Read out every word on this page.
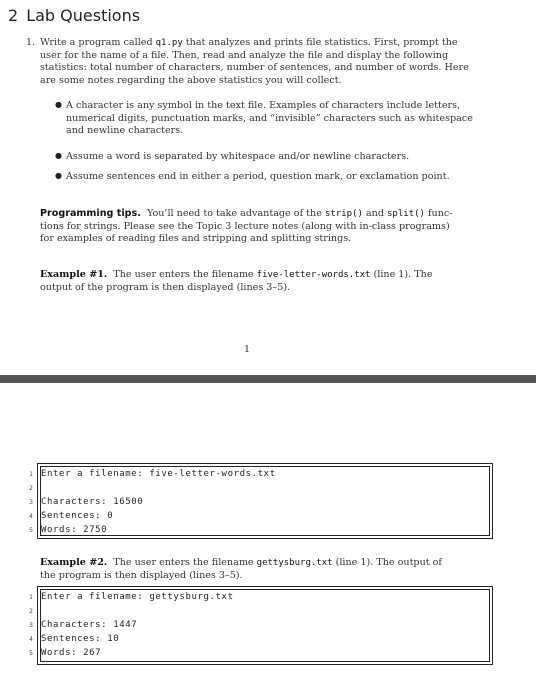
2 Lab Questions
1. Write a program called q1.py that analyzes and prints file statistics. First, prompt the
user for the name of a file. Then, read and analyze the file and display the following
statistics: total number of characters, number of sentences, and number of words. Here
are some notes regarding the above statistics you will collect.
● A character is any symbol in the text file. Examples of characters include letters,
numerical digits, punctuation marks, and “invisible” characters such as whitespace
and newline characters.
● Assume a word is separated by whitespace and/or newline characters.
● Assume sentences end in either a period, question mark, or exclamation point.
Programming tips. You’ll need to take advantage of the strip() and split() func-
tions for strings. Please see the Topic 3 lecture notes (along with in-class programs)
for examples of reading files and stripping and splitting strings.
Example #1. The user enters the filename five-letter-words.txt (line 1). The
output of the program is then displayed (lines 3–5).
1
1
2
3
4
5
Enter a filename: five-letter-words.txt
Characters: 16500
Sentences: 0
Words: 2750
Example #2. The user enters the filename gettysburg.txt (line 1). The output of
the program is then displayed (lines 3–5).
1
2
3
4
5
Enter a filename: gettysburg.txt
Characters: 1447
Sentences: 10
Words: 267
